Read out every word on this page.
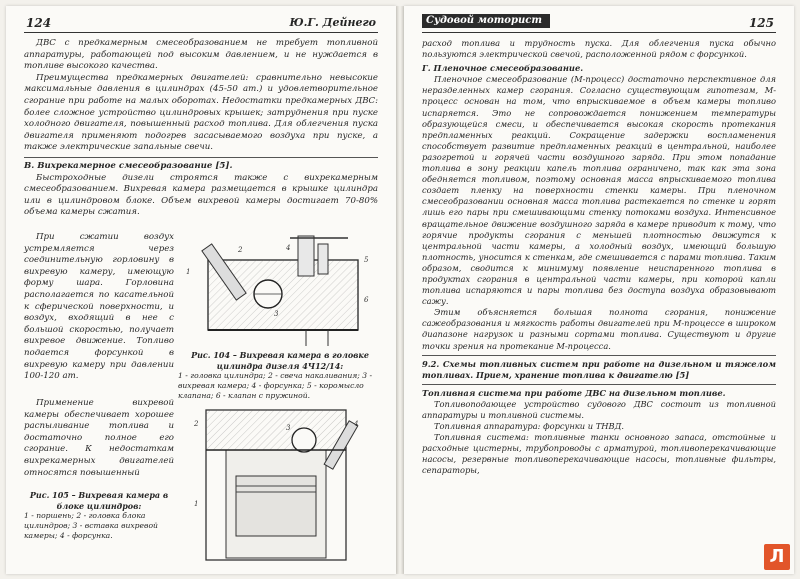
124	Ю.Г. Дейнего

ДВС с предкамерным смесеобразованием не требует топливной аппаратуры, работающей под высоким давлением, и не нуждается в топливе высокого качества.

Преимущества предкамерных двигателей: сравнительно невысокие максимальные давления в цилиндрах (45-50 ат.) и удовлетворительное сгорание при работе на малых оборотах. Недостатки предкамерных ДВС: более сложное устройство цилиндровых крышек; затруднения при пуске холодного двигателя, повышенный расход топлива. Для облегчения пуска двигателя применяют подогрев засасываемого воздуха при пуске, а также электрические запальные свечи.

В. Вихрекамерное смесеобразование [5].

Быстроходные дизели строятся также с вихрекамерным смесеобразованием. Вихревая камера размещается в крышке цилиндра или в цилиндровом блоке. Объем вихревой камеры достигает 70-80% объема камеры сжатия.

При сжатии воздух устремляется через соединительную горловину в вихревую камеру, имеющую форму шара. Горловина располагается по касательной к сферической поверхности, и воздух, входящий в нее с большой скоростью, получает вихревое движение. Топливо подается форсункой в вихревую камеру при давлении 100-120 ат.

1
2	4
5
6
3
Рис. 104 – Вихревая камера в головке цилиндра дизеля 4Ч12/14:
1 - головка цилиндра; 2 - свеча накаливания; 3 - вихревая камера; 4 - форсунка; 5 - коромысло клапана; 6 - клапан с пружиной.

Применение вихревой камеры обеспечивает хорошее распыливание топлива и достаточно полное его сгорание. К недостаткам вихрекамерных двигателей относятся повышенный

Рис. 105 – Вихревая камера в блоке цилиндров:
1 - поршень; 2 - головка блока цилиндров; 3 - вставка вихревой камеры; 4 - форсунка.
4
2	3
1
Судовой моторист	125

расход топлива и трудность пуска. Для облегчения пуска обычно пользуются электрической свечой, расположенной рядом с форсункой.

Г. Пленочное смесеобразование.

Пленочное смесеобразование (М-процесс) достаточно перспективное для неразделенных камер сгорания. Согласно существующим гипотезам, М-процесс основан на том, что впрыскиваемое в объем камеры топливо испаряется. Это не сопровождается понижением температуры образующейся смеси, и обеспечивается высокая скорость протекания предпламенных реакций. Сокращение задержки воспламенения способствует развитие предпламенных реакций в центральной, наиболее разогретой и горячей части воздушного заряда. При этом попадание топлива в зону реакции капель топлива ограничено, так как эта зона обедняется топливом, поэтому основная масса впрыскиваемого топлива создает пленку на поверхности стенки камеры. При пленочном смесеобразовании основная масса топлива растекается по стенке и горят лишь его пары при смешивающими стенку потоками воздуха. Интенсивное вращательное движение воздушного заряда в камере приводит к тому, что горячие продукты сгорания с меньшей плотностью движутся к центральной части камеры, а холодный воздух, имеющий большую плотность, уносится к стенкам, где смешивается с парами топлива. Таким образом, сводится к минимуму появление неиспаренного топлива в продуктах сгорания в центральной части камеры, при которой капли топлива испаряются и пары топлива без доступа воздуха образовывают сажу.

Этим объясняется большая полнота сгорания, понижение сажеобразования и мягкость работы двигателей при М-процессе в широком диапазоне нагрузок и разными сортами топлива. Существуют и другие точки зрения на протекание М-процесса.

9.2. Схемы топливных систем при работе на дизельном и тяжелом топливах. Прием, хранение топлива к двигателю [5]

Топливная система при работе ДВС на дизельном топливе.

Топливоподающее устройство судового ДВС состоит из топливной аппаратуры и топливной системы.

Топливная аппаратура: форсунки и ТНВД.

Топливная система: топливные танки основного запаса, отстойные и расходные цистерны, трубопроводы с арматурой, топливоперекачивающие насосы, резервные топливоперекачивающие насосы, топливные фильтры, сепараторы,

Л
